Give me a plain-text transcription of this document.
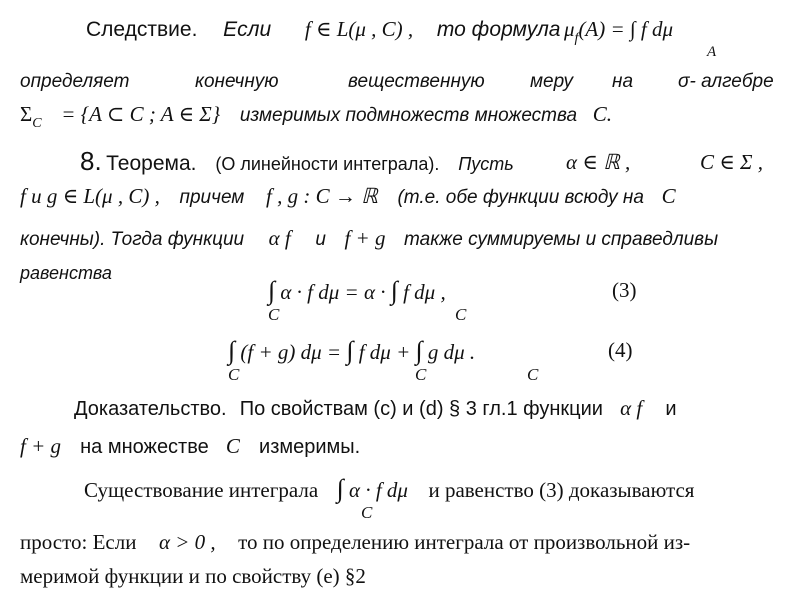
Следствие. Если f ∈ L(μ , C) , то формула $\mu_f(A)$ = ∫ f dμ
A
определяет	конечную	вещественную меру на σ- алгебре
$\Sigma_C = \{A$ ⊂ C ; A ∈ Σ} измеримых подмножеств множества C.
8. Теорема. (О линейности интеграла). Пусть α ∈ ℝ ,	C ∈ Σ ,
f и g ∈ L(μ , C) , причем f , g : C → ℝ (т.е. обе функции всюду на C
конечны). Тогда функции α f и f + g также суммируемы и справедливы
равенства
∫ α · f dμ = α · ∫ f dμ ,
C	C
(3)
∫ (f + g) dμ = ∫ f dμ + ∫ g dμ .
C	C	C
(4)
Доказательство. По свойствам (c) и (d) § 3 гл.1 функции α f и
f + g на множестве C измеримы.
Существование интеграла ∫ α · f dμ и равенство (3) доказываются
C
просто: Если α > 0 , то по определению интеграла от произвольной из-
меримой функции и по свойству (e) §2
